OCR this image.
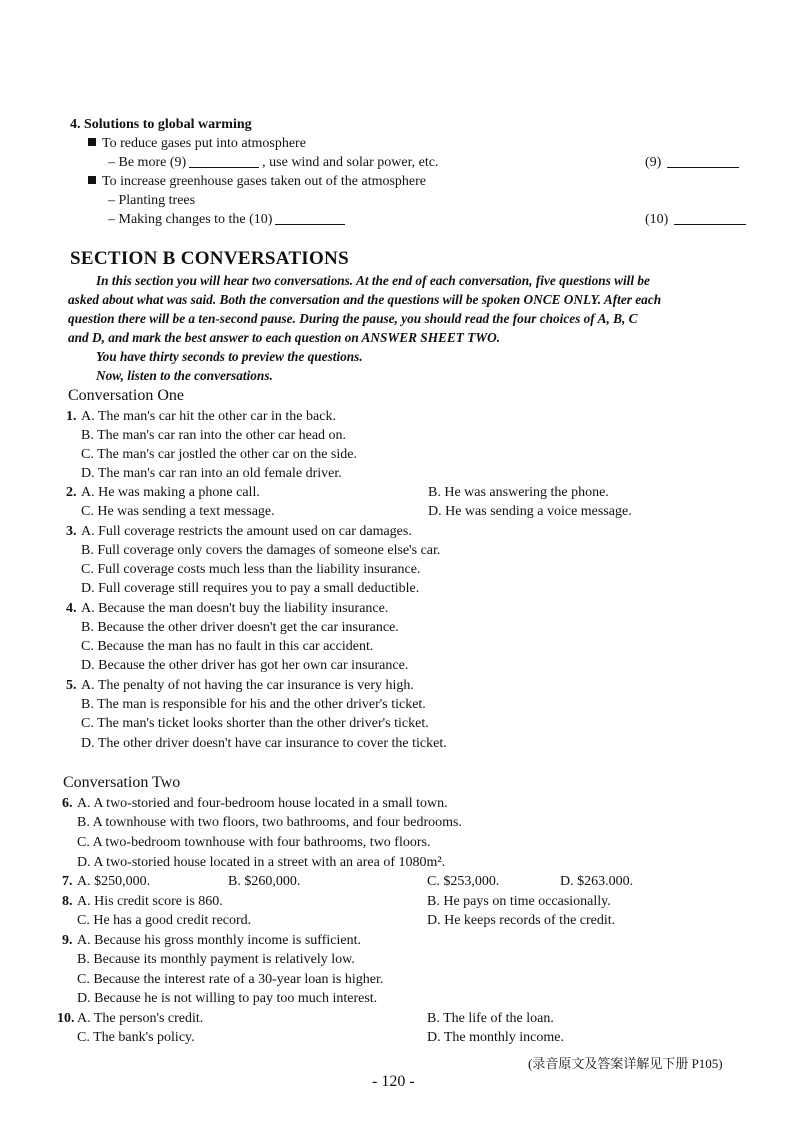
4. Solutions to global warming
To reduce gases put into atmosphere
– Be more (9)	, use wind and solar power, etc.	(9)
To increase greenhouse gases taken out of the atmosphere
– Planting trees
– Making changes to the (10)	(10)
SECTION B CONVERSATIONS
In this section you will hear two conversations. At the end of each conversation, five questions will be
asked about what was said. Both the conversation and the questions will be spoken ONCE ONLY. After each
question there will be a ten-second pause. During the pause, you should read the four choices of A, B, C
and D, and mark the best answer to each question on ANSWER SHEET TWO.
You have thirty seconds to preview the questions.
Now, listen to the conversations.
Conversation One
1. A. The man's car hit the other car in the back.
B. The man's car ran into the other car head on.
C. The man's car jostled the other car on the side.
D. The man's car ran into an old female driver.
2. A. He was making a phone call.	B. He was answering the phone.
C. He was sending a text message.	D. He was sending a voice message.
3. A. Full coverage restricts the amount used on car damages.
B. Full coverage only covers the damages of someone else's car.
C. Full coverage costs much less than the liability insurance.
D. Full coverage still requires you to pay a small deductible.
4. A. Because the man doesn't buy the liability insurance.
B. Because the other driver doesn't get the car insurance.
C. Because the man has no fault in this car accident.
D. Because the other driver has got her own car insurance.
5. A. The penalty of not having the car insurance is very high.
B. The man is responsible for his and the other driver's ticket.
C. The man's ticket looks shorter than the other driver's ticket.
D. The other driver doesn't have car insurance to cover the ticket.
Conversation Two
6. A. A two-storied and four-bedroom house located in a small town.
B. A townhouse with two floors, two bathrooms, and four bedrooms.
C. A two-bedroom townhouse with four bathrooms, two floors.
D. A two-storied house located in a street with an area of 1080m².
7. A. $250,000.	B. $260,000.	C. $253,000.	D. $263.000.
8. A. His credit score is 860.	B. He pays on time occasionally.
C. He has a good credit record.	D. He keeps records of the credit.
9. A. Because his gross monthly income is sufficient.
B. Because its monthly payment is relatively low.
C. Because the interest rate of a 30-year loan is higher.
D. Because he is not willing to pay too much interest.
10. A. The person's credit.	B. The life of the loan.
C. The bank's policy.	D. The monthly income.
(录音原文及答案详解见下册 P105)
- 120 -
